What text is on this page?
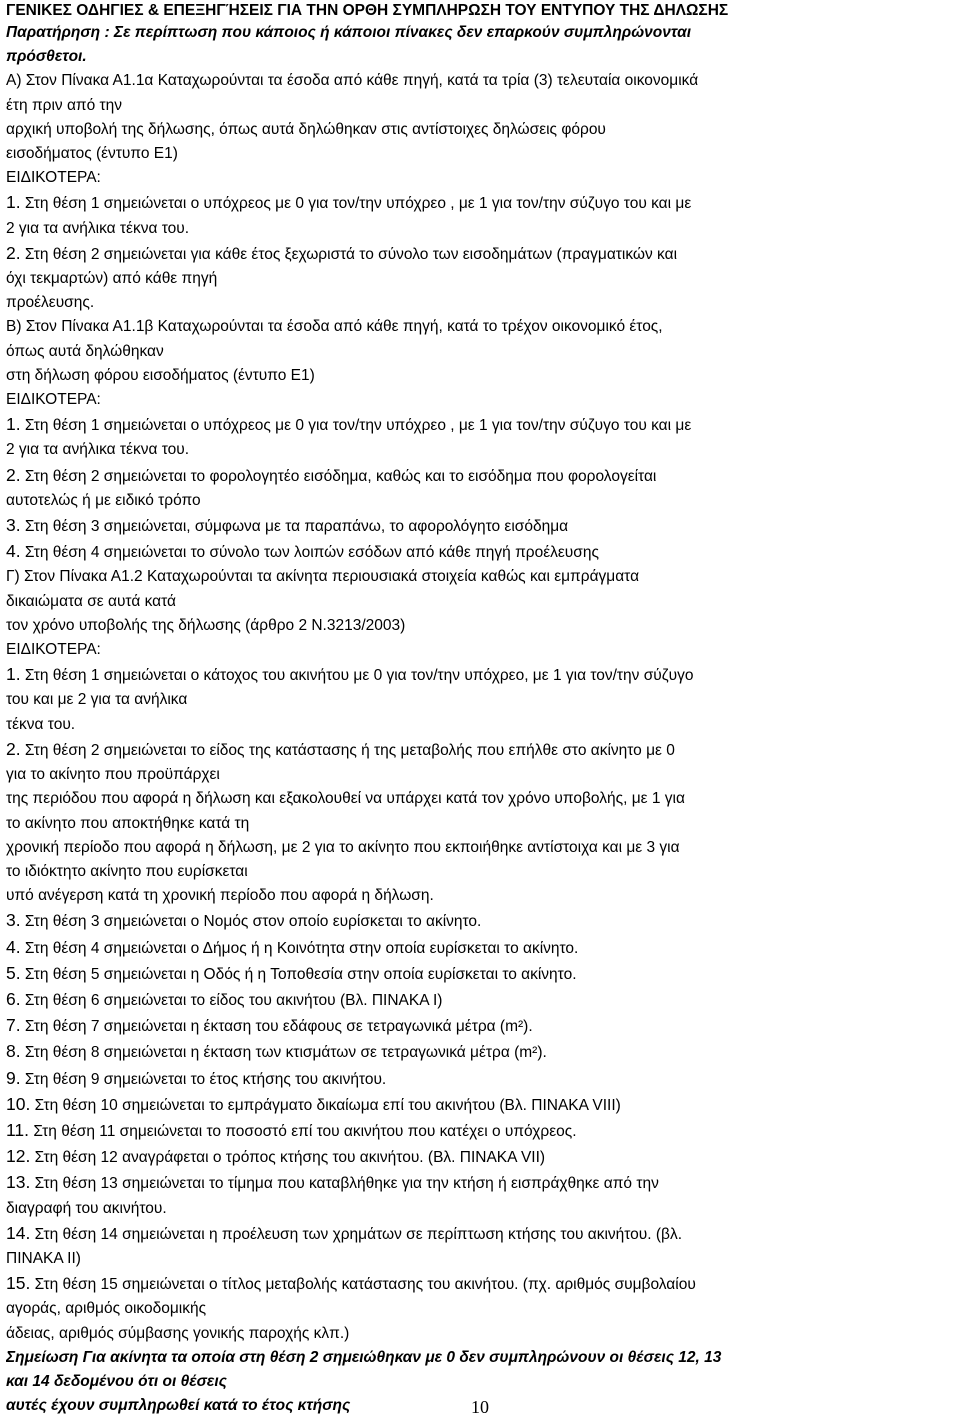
ΓΕΝΙΚΕΣ ΟΔΗΓΙΕΣ & ΕΠΕΞΗΓΉΣΕΙΣ ΓΙΑ ΤΗΝ ΟΡΘΗ ΣΥΜΠΛΗΡΩΣΗ ΤΟΥ ΕΝΤΥΠΟΥ ΤΗΣ ΔΗΛΩΣΗΣ
Παρατήρηση : Σε περίπτωση που κάποιος ή κάποιοι πίνακες δεν επαρκούν συμπληρώνονται
πρόσθετοι.
Α) Στον Πίνακα Α1.1α Καταχωρούνται τα έσοδα από κάθε πηγή, κατά τα τρία (3) τελευταία οικονομικά
έτη πριν από την
αρχική υποβολή της δήλωσης, όπως αυτά δηλώθηκαν στις αντίστοιχες δηλώσεις φόρου
εισοδήματος (έντυπο Ε1)
ΕΙΔΙΚΟΤΕΡΑ:
1. Στη θέση 1 σημειώνεται ο υπόχρεος με 0 για τον/την υπόχρεο , με 1 για τον/την σύζυγο του και με
2 για τα ανήλικα τέκνα του.
2. Στη θέση 2 σημειώνεται για κάθε έτος ξεχωριστά το σύνολο των εισοδημάτων (πραγματικών και
όχι τεκμαρτών) από κάθε πηγή
προέλευσης.
Β) Στον Πίνακα Α1.1β Καταχωρούνται τα έσοδα από κάθε πηγή, κατά το τρέχον οικονομικό έτος,
όπως αυτά δηλώθηκαν
στη δήλωση φόρου εισοδήματος (έντυπο Ε1)
ΕΙΔΙΚΟΤΕΡΑ:
1. Στη θέση 1 σημειώνεται ο υπόχρεος με 0 για τον/την υπόχρεο , με 1 για τον/την σύζυγο του και με
2 για τα ανήλικα τέκνα του.
2. Στη θέση 2 σημειώνεται το φορολογητέο εισόδημα, καθώς και το εισόδημα που φορολογείται
αυτοτελώς ή με ειδικό τρόπο
3. Στη θέση 3 σημειώνεται, σύμφωνα με τα παραπάνω, το αφορολόγητο εισόδημα
4. Στη θέση 4 σημειώνεται το σύνολο των λοιπών εσόδων από κάθε πηγή προέλευσης
Γ) Στον Πίνακα Α1.2 Καταχωρούνται τα ακίνητα περιουσιακά στοιχεία καθώς και εμπράγματα
δικαιώματα σε αυτά κατά
τον χρόνο υποβολής της δήλωσης (άρθρο 2 Ν.3213/2003)
ΕΙΔΙΚΟΤΕΡΑ:
1. Στη θέση 1 σημειώνεται ο κάτοχος του ακινήτου με 0 για τον/την υπόχρεο, με 1 για τον/την σύζυγο
του και με 2 για τα ανήλικα
τέκνα του.
2. Στη θέση 2 σημειώνεται το είδος της κατάστασης ή της μεταβολής που επήλθε στο ακίνητο με 0
για το ακίνητο που προϋπάρχει
της περιόδου που αφορά η δήλωση και εξακολουθεί να υπάρχει κατά τον χρόνο υποβολής, με 1 για
το ακίνητο που αποκτήθηκε κατά τη
χρονική περίοδο που αφορά η δήλωση, με 2 για το ακίνητο που εκποιήθηκε αντίστοιχα και με 3 για
το ιδιόκτητο ακίνητο που ευρίσκεται
υπό ανέγερση κατά τη χρονική περίοδο που αφορά η δήλωση.
3. Στη θέση 3 σημειώνεται ο Νομός στον οποίο ευρίσκεται το ακίνητο.
4. Στη θέση 4 σημειώνεται ο Δήμος ή η Κοινότητα στην οποία ευρίσκεται το ακίνητο.
5. Στη θέση 5 σημειώνεται η Οδός ή η Τοποθεσία στην οποία ευρίσκεται το ακίνητο.
6. Στη θέση 6 σημειώνεται το είδος του ακινήτου (Βλ. ΠΙΝΑΚΑ Ι)
7. Στη θέση 7 σημειώνεται η έκταση του εδάφους σε τετραγωνικά μέτρα (m²).
8. Στη θέση 8 σημειώνεται η έκταση των κτισμάτων σε τετραγωνικά μέτρα (m²).
9. Στη θέση 9 σημειώνεται το έτος κτήσης του ακινήτου.
10. Στη θέση 10 σημειώνεται το εμπράγματο δικαίωμα επί του ακινήτου (Βλ. ΠΙΝΑΚΑ VIII)
11. Στη θέση 11 σημειώνεται το ποσοστό επί του ακινήτου που κατέχει ο υπόχρεος.
12. Στη θέση 12 αναγράφεται ο τρόπος κτήσης του ακινήτου. (Βλ. ΠΙΝΑΚΑ VII)
13. Στη θέση 13 σημειώνεται το τίμημα που καταβλήθηκε για την κτήση ή εισπράχθηκε από την
διαγραφή του ακινήτου.
14. Στη θέση 14 σημειώνεται η προέλευση των χρημάτων σε περίπτωση κτήσης του ακινήτου. (βλ.
ΠΙΝΑΚΑ ΙΙ)
15. Στη θέση 15 σημειώνεται ο τίτλος μεταβολής κατάστασης του ακινήτου. (πχ. αριθμός συμβολαίου
αγοράς, αριθμός οικοδομικής
άδειας, αριθμός σύμβασης γονικής παροχής κλπ.)
Σημείωση Για ακίνητα τα οποία στη θέση 2 σημειώθηκαν με 0 δεν συμπληρώνουν οι θέσεις 12, 13
και 14 δεδομένου ότι οι θέσεις
αυτές έχουν συμπληρωθεί κατά το έτος κτήσης	10
